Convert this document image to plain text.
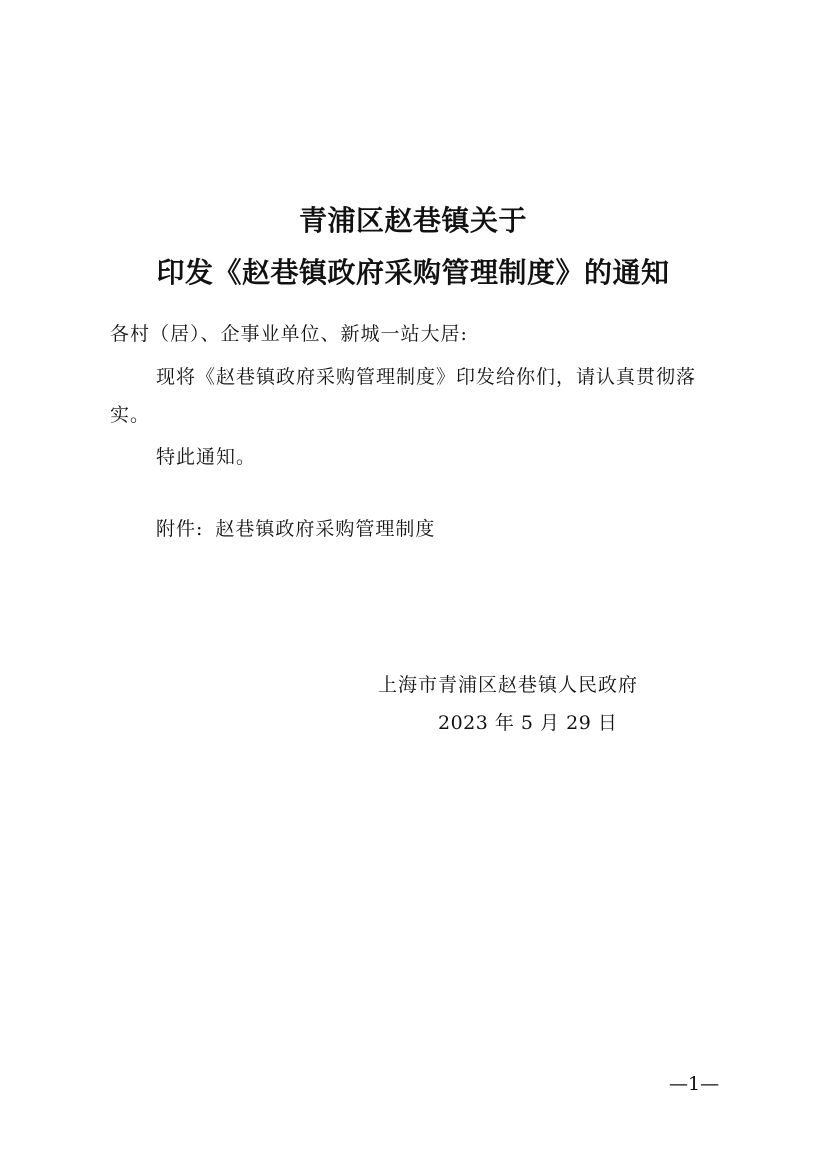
青浦区赵巷镇关于
印发《赵巷镇政府采购管理制度》的通知
各村（居）、企事业单位、新城一站大居:
现将《赵巷镇政府采购管理制度》印发给你们，请认真贯彻落实。
特此通知。
附件: 赵巷镇政府采购管理制度
上海市青浦区赵巷镇人民政府
2023 年 5 月 29 日
—1—
